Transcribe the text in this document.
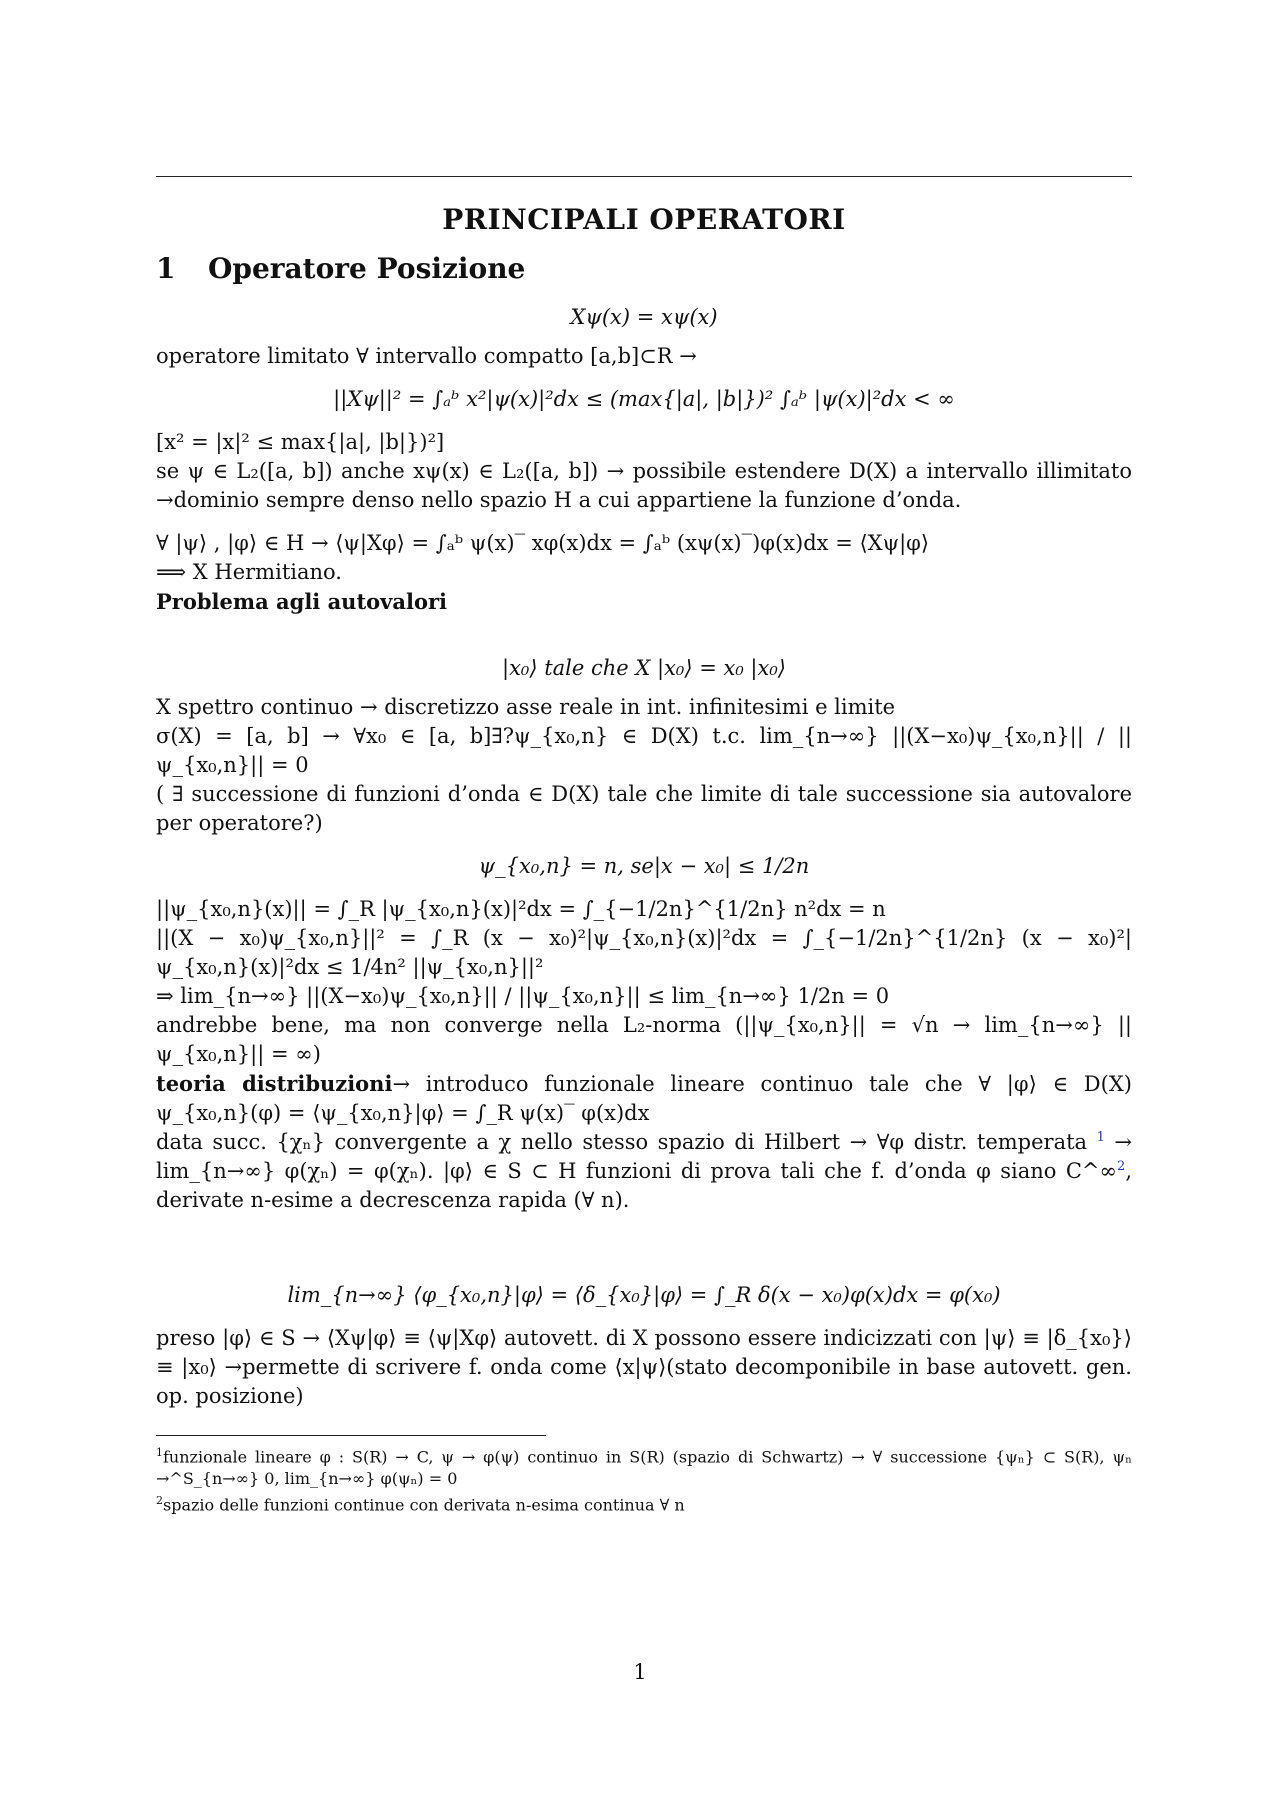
PRINCIPALI OPERATORI
1	Operatore Posizione
Xψ(x) = xψ(x)

operatore limitato ∀ intervallo compatto [a,b]⊂R →

||Xψ||² = ∫ₐᵇ x²|ψ(x)|²dx ≤ (max{|a|, |b|})² ∫ₐᵇ |ψ(x)|²dx < ∞

[x² = |x|² ≤ max{|a|, |b|})²]

se ψ ∈ L₂([a, b]) anche xψ(x) ∈ L₂([a, b]) → possibile estendere D(X) a intervallo illimitato →dominio sempre denso nello spazio H a cui appartiene la funzione d’onda.

∀ |ψ⟩ , |φ⟩ ∈ H → ⟨ψ|Xφ⟩ = ∫ₐᵇ ψ(x)‾ xφ(x)dx = ∫ₐᵇ (xψ(x)‾)φ(x)dx = ⟨Xψ|φ⟩

⟹ X Hermitiano.

Problema agli autovalori

|x₀⟩ tale che X |x₀⟩ = x₀ |x₀⟩

X spettro continuo → discretizzo asse reale in int. infinitesimi e limite

σ(X) = [a, b] → ∀x₀ ∈ [a, b]∃?ψ_{x₀,n} ∈ D(X) t.c. lim_{n→∞} ||(X−x₀)ψ_{x₀,n}|| / ||ψ_{x₀,n}|| = 0

( ∃ successione di funzioni d’onda ∈ D(X) tale che limite di tale successione sia autovalore per operatore?)

ψ_{x₀,n} = n, se|x − x₀| ≤ 1/2n

||ψ_{x₀,n}(x)|| = ∫_R |ψ_{x₀,n}(x)|²dx = ∫_{−1/2n}^{1/2n} n²dx = n

||(X − x₀)ψ_{x₀,n}||² = ∫_R (x − x₀)²|ψ_{x₀,n}(x)|²dx = ∫_{−1/2n}^{1/2n} (x − x₀)²|ψ_{x₀,n}(x)|²dx ≤ 1/4n² ||ψ_{x₀,n}||²

⇒ lim_{n→∞} ||(X−x₀)ψ_{x₀,n}|| / ||ψ_{x₀,n}|| ≤ lim_{n→∞} 1/2n = 0

andrebbe bene, ma non converge nella L₂-norma (||ψ_{x₀,n}|| = √n → lim_{n→∞} ||ψ_{x₀,n}|| = ∞)

teoria distribuzioni→ introduco funzionale lineare continuo tale che ∀ |φ⟩ ∈ D(X) ψ_{x₀,n}(φ) = ⟨ψ_{x₀,n}|φ⟩ = ∫_R ψ(x)‾ φ(x)dx

data succ. {χₙ} convergente a χ nello stesso spazio di Hilbert → ∀φ distr. temperata $^1$ → lim_{n→∞} φ(χₙ) = φ(χₙ). |φ⟩ ∈ S ⊂ H funzioni di prova tali che f. d’onda φ siano C^∞$^2$, derivate n-esime a decrescenza rapida (∀ n).

lim_{n→∞} ⟨φ_{x₀,n}|φ⟩ = ⟨δ_{x₀}|φ⟩ = ∫_R δ(x − x₀)φ(x)dx = φ(x₀)

preso |φ⟩ ∈ S → ⟨Xψ|φ⟩ ≡ ⟨ψ|Xφ⟩ autovett. di X possono essere indicizzati con |ψ⟩ ≡ |δ_{x₀}⟩ ≡ |x₀⟩ →permette di scrivere f. onda come ⟨x|ψ⟩(stato decomponibile in base autovett. gen. op. posizione)

$^1$funzionale lineare φ : S(R) → C, ψ → φ(ψ) continuo in S(R) (spazio di Schwartz) → ∀ successione {ψₙ} ⊂ S(R), ψₙ →^S_{n→∞} 0, lim_{n→∞} φ(ψₙ) = 0

$^2$spazio delle funzioni continue con derivata n-esima continua ∀ n

1
